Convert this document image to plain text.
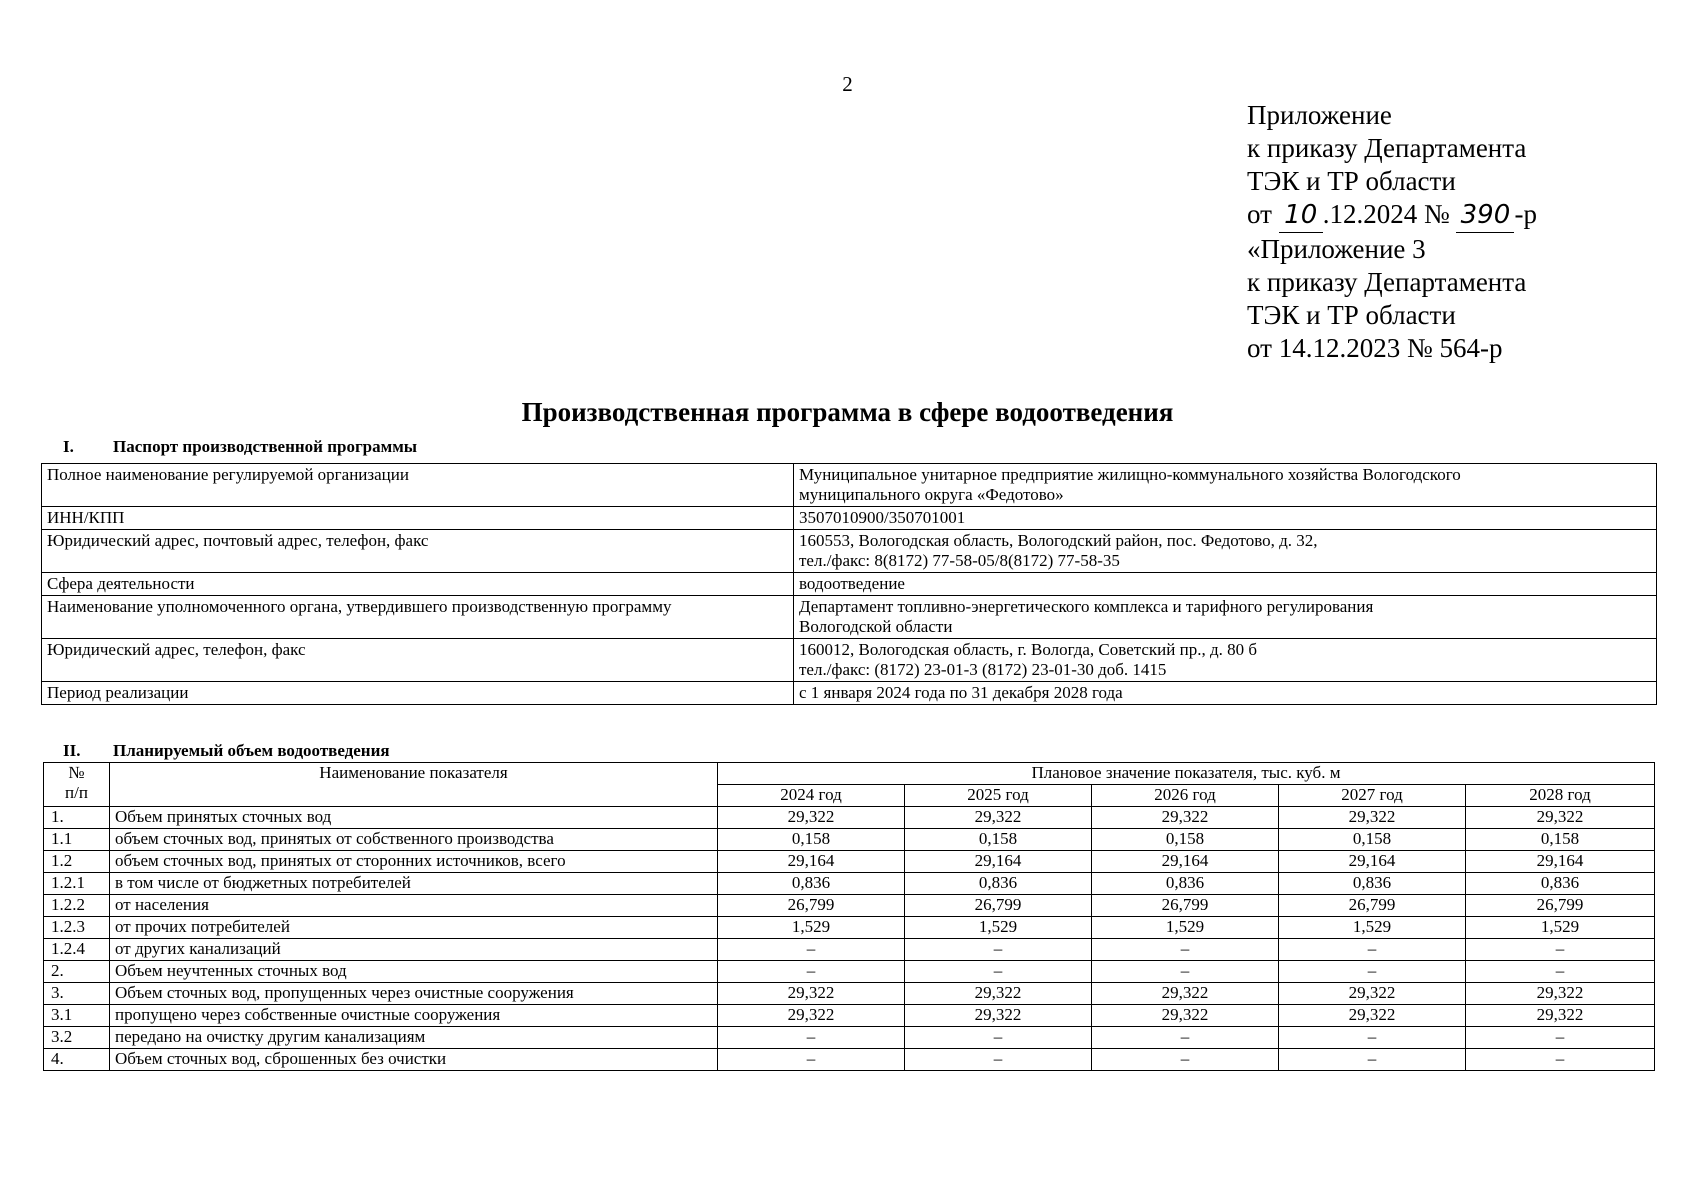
2
Приложение
к приказу Департамента
ТЭК и ТР области
от 10 .12.2024 № 390 -р
«Приложение 3
к приказу Департамента
ТЭК и ТР области
от 14.12.2023 № 564-р
Производственная программа в сфере водоотведения
I. Паспорт производственной программы
Полное наименование регулируемой организации	Муниципальное унитарное предприятие жилищно-коммунального хозяйства Вологодского
муниципального округа «Федотово»

ИНН/КПП	3507010900/350701001

Юридический адрес, почтовый адрес, телефон, факс	160553, Вологодская область, Вологодский район, пос. Федотово, д. 32,
тел./факс: 8(8172) 77-58-05/8(8172) 77-58-35

Сфера деятельности	водоотведение

Наименование уполномоченного органа, утвердившего производственную программу	Департамент топливно-энергетического комплекса и тарифного регулирования
Вологодской области

Юридический адрес, телефон, факс	160012, Вологодская область, г. Вологда, Советский пр., д. 80 б
тел./факс: (8172) 23-01-3 (8172) 23-01-30 доб. 1415

Период реализации	с 1 января 2024 года по 31 декабря 2028 года
II. Планируемый объем водоотведения
№
п/п	Наименование показателя	Плановое значение показателя, тыс. куб. м				
		2024 год	2025 год	2026 год	2027 год	2028 год
1.	Объем принятых сточных вод	29,322	29,322	29,322	29,322	29,322
1.1	объем сточных вод, принятых от собственного производства	0,158	0,158	0,158	0,158	0,158
1.2	объем сточных вод, принятых от сторонних источников, всего	29,164	29,164	29,164	29,164	29,164
1.2.1	в том числе от бюджетных потребителей	0,836	0,836	0,836	0,836	0,836
1.2.2	от населения	26,799	26,799	26,799	26,799	26,799
1.2.3	от прочих потребителей	1,529	1,529	1,529	1,529	1,529
1.2.4	от других канализаций	–	–	–	–	–
2.	Объем неучтенных сточных вод	–	–	–	–	–
3.	Объем сточных вод, пропущенных через очистные сооружения	29,322	29,322	29,322	29,322	29,322
3.1	пропущено через собственные очистные сооружения	29,322	29,322	29,322	29,322	29,322
3.2	передано на очистку другим канализациям	–	–	–	–	–
4.	Объем сточных вод, сброшенных без очистки	–	–	–	–	–
